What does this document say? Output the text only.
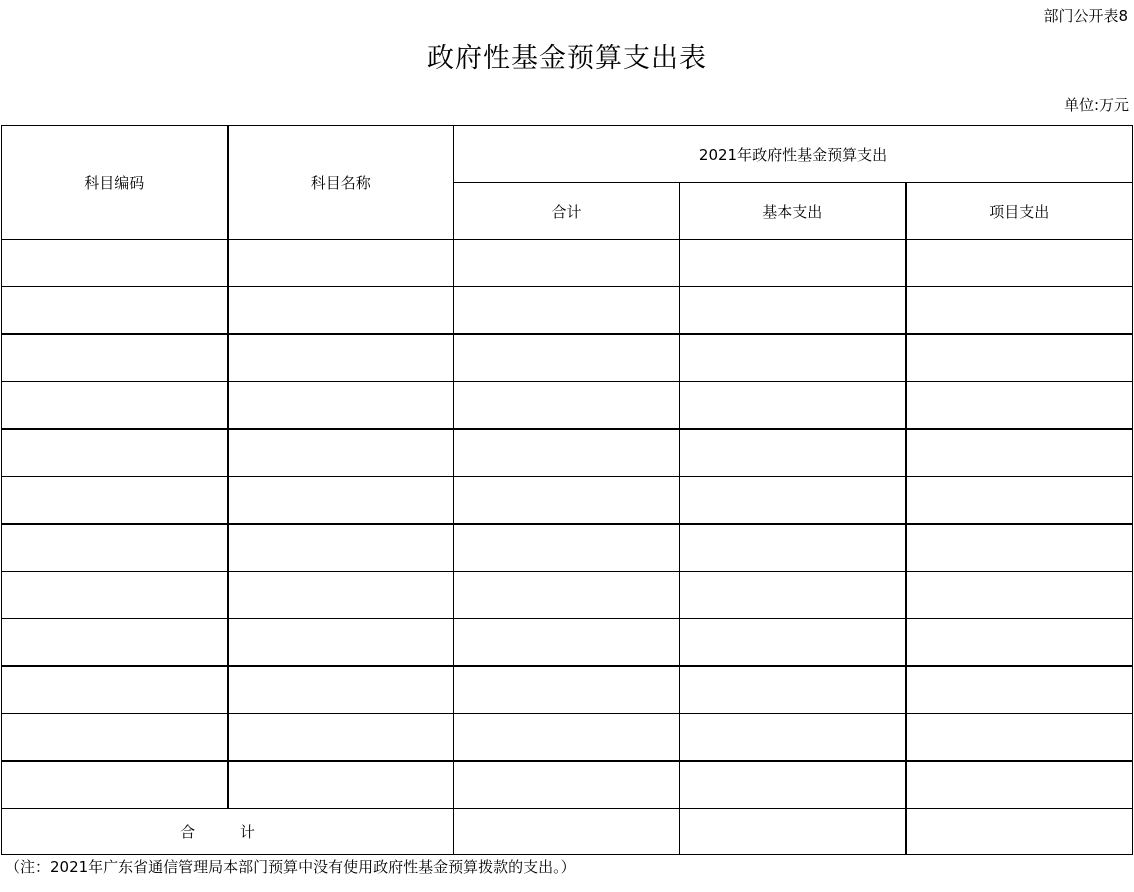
部门公开表8
政府性基金预算支出表
单位:万元
科目编码	科目名称	2021年政府性基金预算支出		
		合计	基本支出	项目支出

合 计				
（注：2021年广东省通信管理局本部门预算中没有使用政府性基金预算拨款的支出。）
